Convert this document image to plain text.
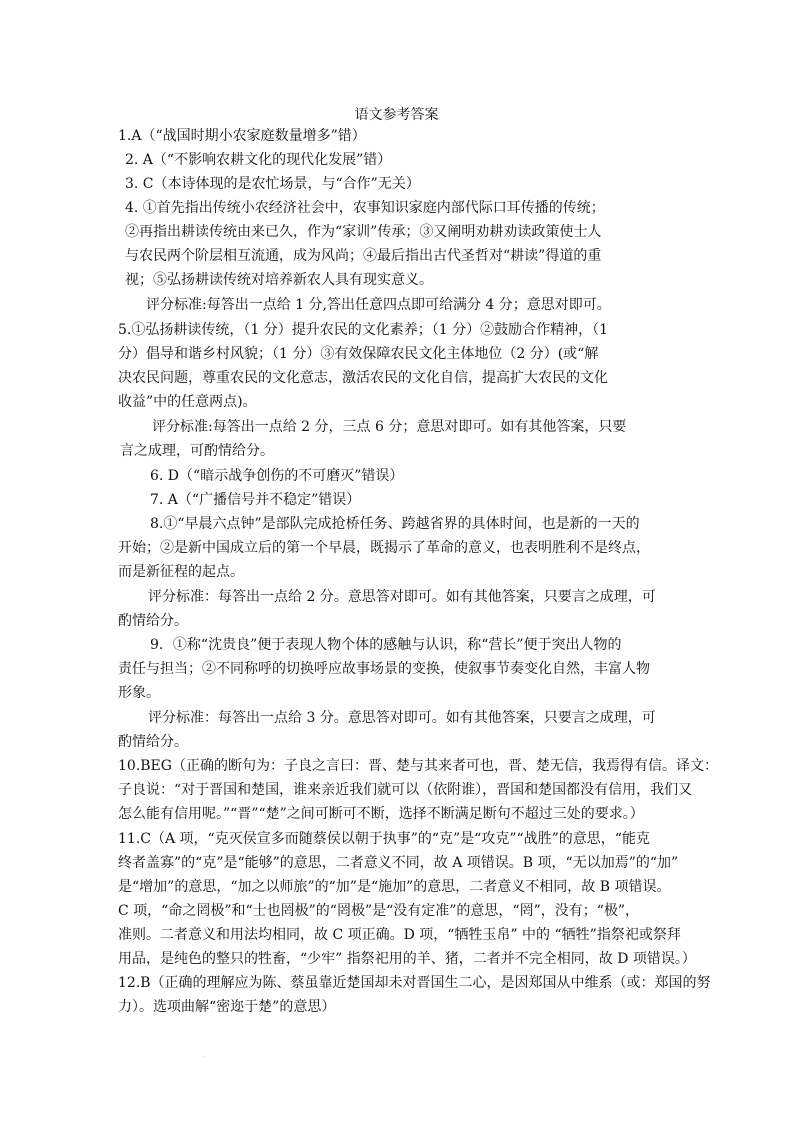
语文参考答案
1.A（“战国时期小农家庭数量增多”错）
2. A（“不影响农耕文化的现代化发展”错）
3. C（本诗体现的是农忙场景，与“合作”无关）
4. ①首先指出传统小农经济社会中，农事知识家庭内部代际口耳传播的传统；
②再指出耕读传统由来已久，作为“家训”传承；③又阐明劝耕劝读政策使士人
与农民两个阶层相互流通，成为风尚；④最后指出古代圣哲对“耕读”得道的重
视；⑤弘扬耕读传统对培养新农人具有现实意义。
评分标准:每答出一点给 1 分,答出任意四点即可给满分 4 分；意思对即可。
5.①弘扬耕读传统，（1 分）提升农民的文化素养；（1 分）②鼓励合作精神，（1
分）倡导和谐乡村风貌；（1 分）③有效保障农民文化主体地位（2 分）(或“解
决农民问题，尊重农民的文化意志，激活农民的文化自信，提高扩大农民的文化
收益”中的任意两点)。
评分标准:每答出一点给 2 分，三点 6 分；意思对即可。如有其他答案，只要
言之成理，可酌情给分。
6. D（“暗示战争创伤的不可磨灭”错误）
7. A（“广播信号并不稳定”错误）
8.①“早晨六点钟”是部队完成抢桥任务、跨越省界的具体时间，也是新的一天的
开始；②是新中国成立后的第一个早晨，既揭示了革命的意义，也表明胜利不是终点，
而是新征程的起点。
评分标准：每答出一点给 2 分。意思答对即可。如有其他答案，只要言之成理，可
酌情给分。
9．①称“沈贵良”便于表现人物个体的感触与认识，称“营长”便于突出人物的
责任与担当；②不同称呼的切换呼应故事场景的变换，使叙事节奏变化自然，丰富人物
形象。
评分标准：每答出一点给 3 分。意思答对即可。如有其他答案，只要言之成理，可
酌情给分。
10.BEG（正确的断句为：子良之言曰：晋、楚与其来者可也，晋、楚无信，我焉得有信。译文：
子良说：“对于晋国和楚国，谁来亲近我们就可以（依附谁），晋国和楚国都没有信用，我们又
怎么能有信用呢。”“晋”“楚”之间可断可不断，选择不断满足断句不超过三处的要求。）
11.C（A 项，“克灭侯宣多而随蔡侯以朝于执事”的“克”是“攻克”“战胜”的意思，“能克
终者盖寡”的“克”是“能够”的意思，二者意义不同，故 A 项错误。B 项，“无以加焉”的“加”
是“增加”的意思，“加之以师旅”的“加”是“施加”的意思，二者意义不相同，故 B 项错误。
C 项，“命之罔极”和“士也罔极”的“罔极”是“没有定准”的意思，“罔”，没有；“极”，
准则。二者意义和用法均相同，故 C 项正确。D 项，“牺牲玉帛” 中的 “牺牲”指祭祀或祭拜
用品，是纯色的整只的牲畜，“少牢” 指祭祀用的羊、猪，二者并不完全相同，故 D 项错误。）
12.B（正确的理解应为陈、蔡虽靠近楚国却未对晋国生二心，是因郑国从中维系（或：郑国的努
力）。选项曲解“密迩于楚”的意思）
.
